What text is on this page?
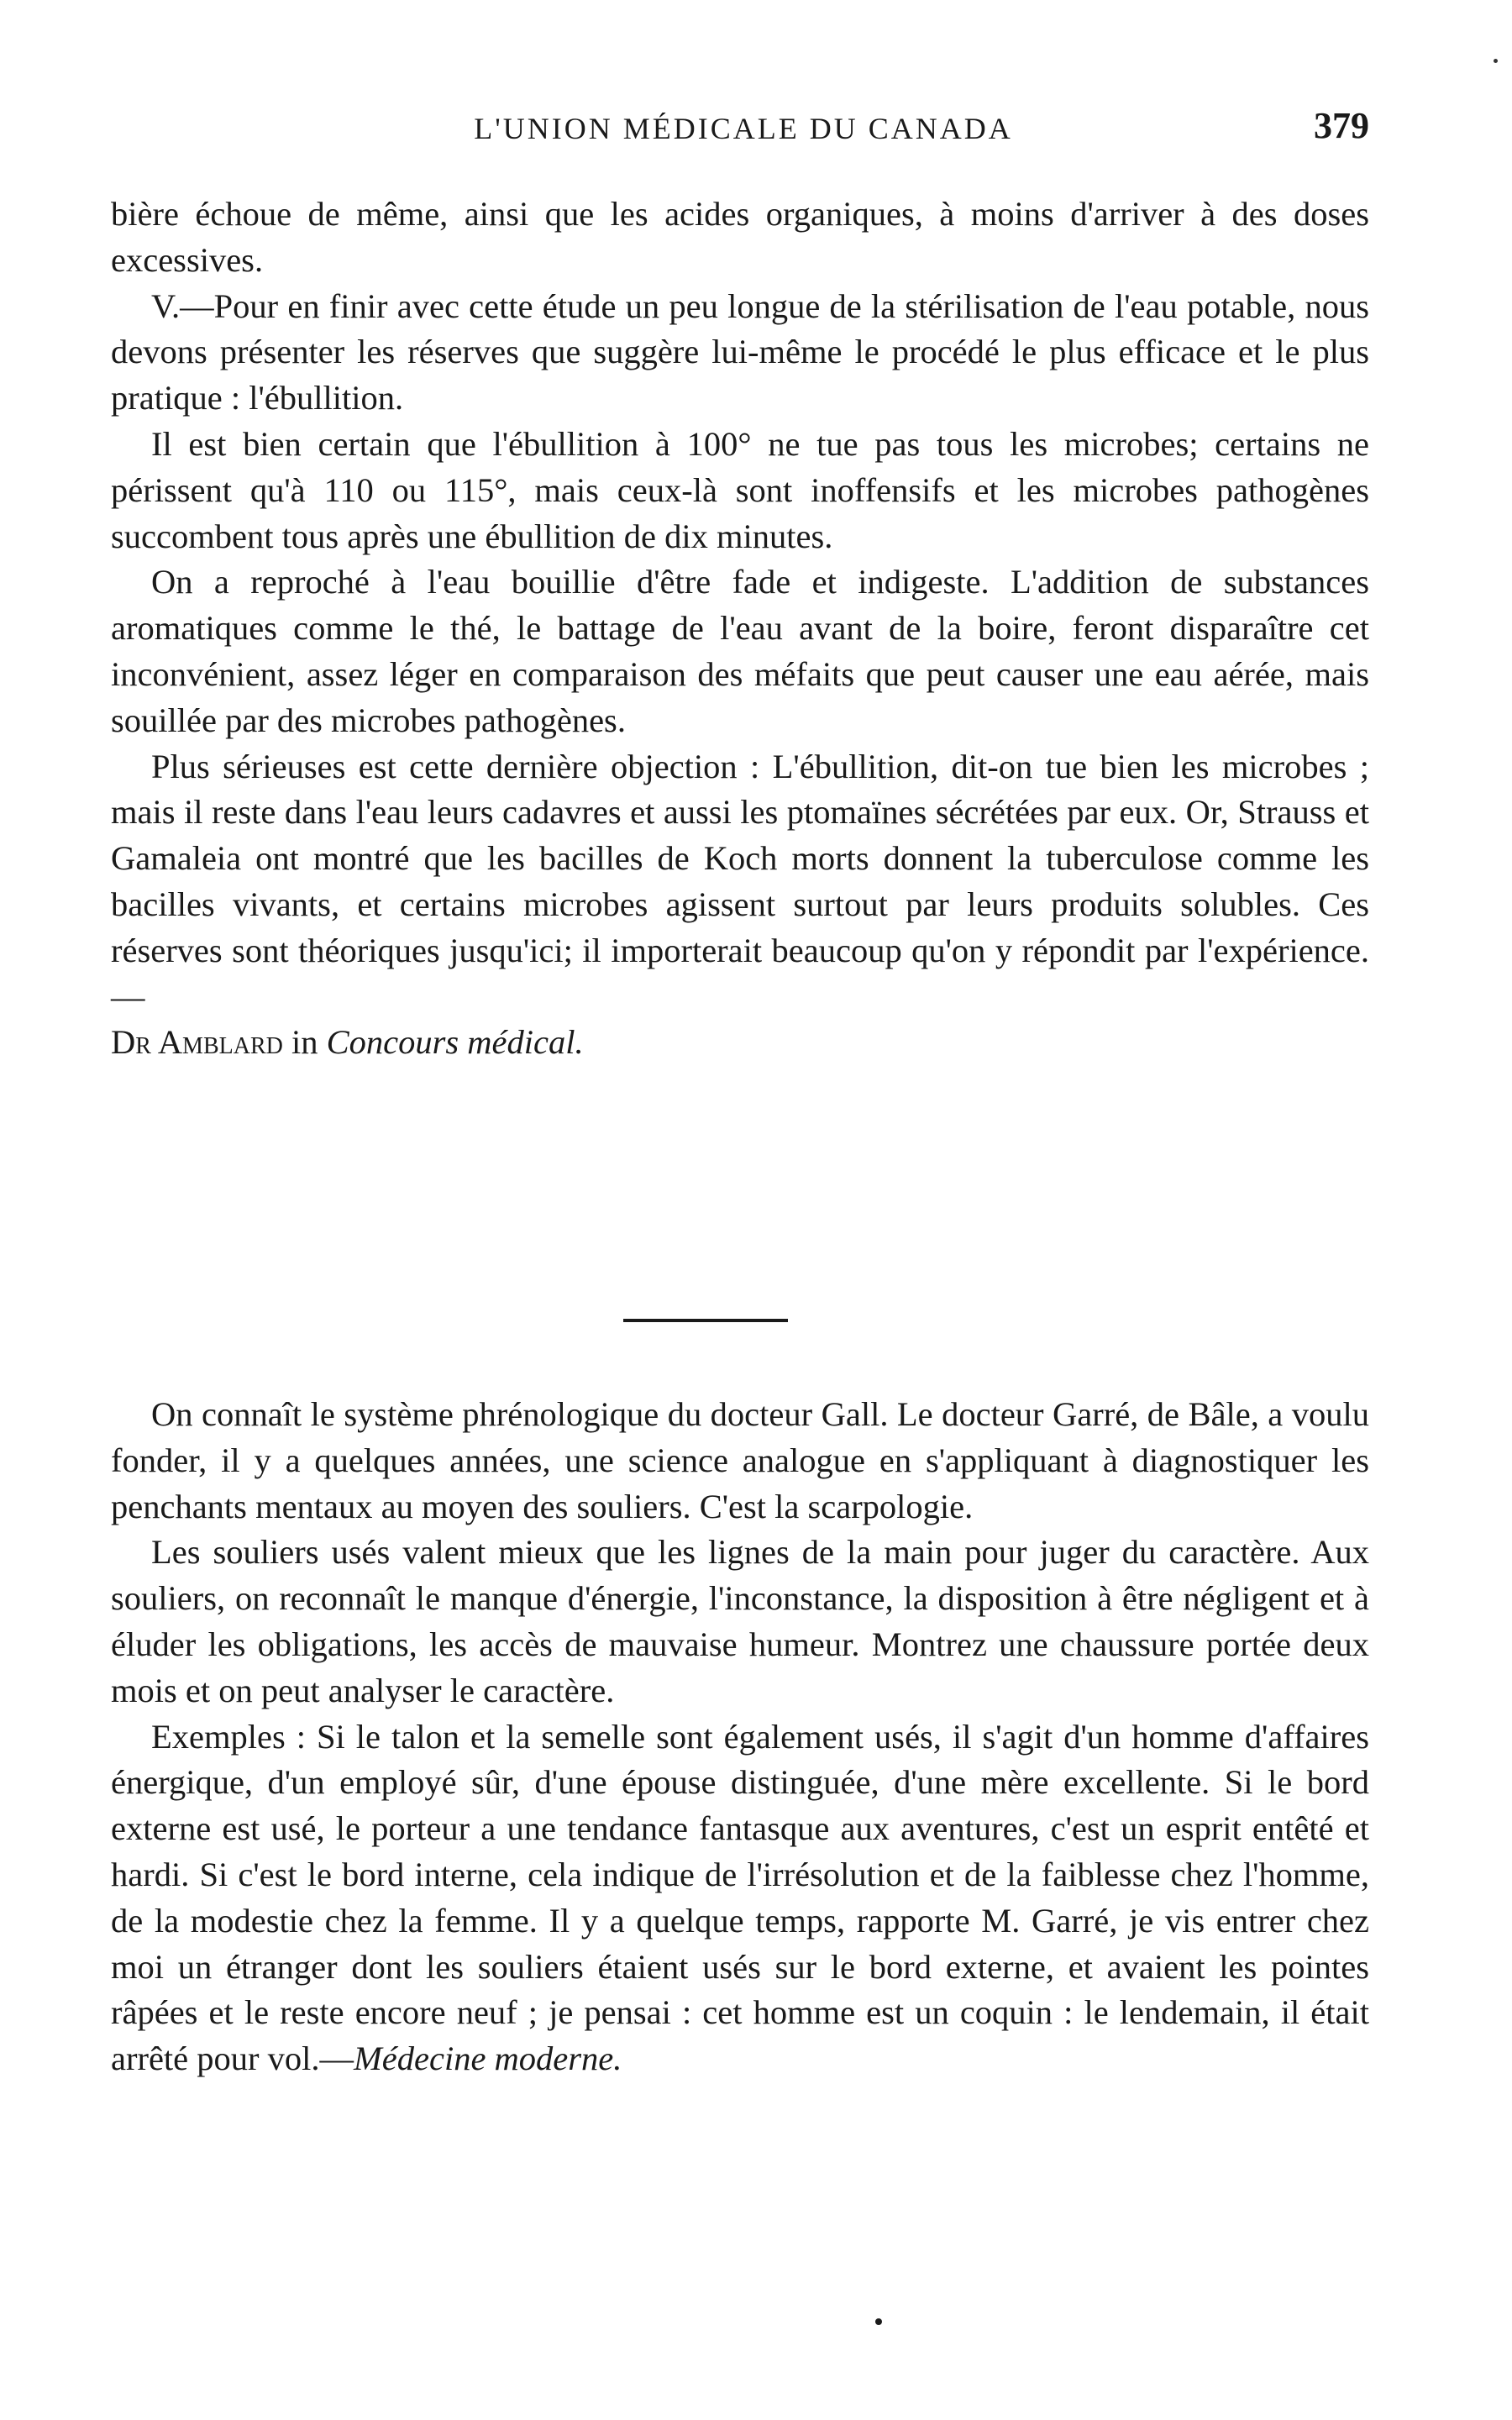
L'UNION MÉDICALE DU CANADA	379

bière échoue de même, ainsi que les acides organiques, à moins d'arriver à des doses excessives.

V.—Pour en finir avec cette étude un peu longue de la stérilisation de l'eau potable, nous devons présenter les réserves que suggère lui-même le procédé le plus efficace et le plus pratique : l'ébullition.

Il est bien certain que l'ébullition à 100° ne tue pas tous les microbes; certains ne périssent qu'à 110 ou 115°, mais ceux-là sont inoffensifs et les microbes pathogènes succombent tous après une ébullition de dix minutes.

On a reproché à l'eau bouillie d'être fade et indigeste. L'addition de substances aromatiques comme le thé, le battage de l'eau avant de la boire, feront disparaître cet inconvénient, assez léger en comparaison des méfaits que peut causer une eau aérée, mais souillée par des microbes pathogènes.

Plus sérieuses est cette dernière objection : L'ébullition, dit-on tue bien les microbes ; mais il reste dans l'eau leurs cadavres et aussi les ptomaïnes sécrétées par eux. Or, Strauss et Gamaleia ont montré que les bacilles de Koch morts donnent la tuberculose comme les bacilles vivants, et certains microbes agissent surtout par leurs produits solubles. Ces réserves sont théoriques jusqu'ici; il importerait beaucoup qu'on y répondit par l'expérience.—

Dr Amblard in Concours médical.

On connaît le système phrénologique du docteur Gall. Le docteur Garré, de Bâle, a voulu fonder, il y a quelques années, une science analogue en s'appliquant à diagnostiquer les penchants mentaux au moyen des souliers. C'est la scarpologie.

Les souliers usés valent mieux que les lignes de la main pour juger du caractère. Aux souliers, on reconnaît le manque d'énergie, l'inconstance, la disposition à être négligent et à éluder les obligations, les accès de mauvaise humeur. Montrez une chaussure portée deux mois et on peut analyser le caractère.

Exemples : Si le talon et la semelle sont également usés, il s'agit d'un homme d'affaires énergique, d'un employé sûr, d'une épouse distinguée, d'une mère excellente. Si le bord externe est usé, le porteur a une tendance fantasque aux aventures, c'est un esprit entêté et hardi. Si c'est le bord interne, cela indique de l'irrésolution et de la faiblesse chez l'homme, de la modestie chez la femme. Il y a quelque temps, rapporte M. Garré, je vis entrer chez moi un étranger dont les souliers étaient usés sur le bord externe, et avaient les pointes râpées et le reste encore neuf ; je pensai : cet homme est un coquin : le lendemain, il était arrêté pour vol.—Médecine moderne.
